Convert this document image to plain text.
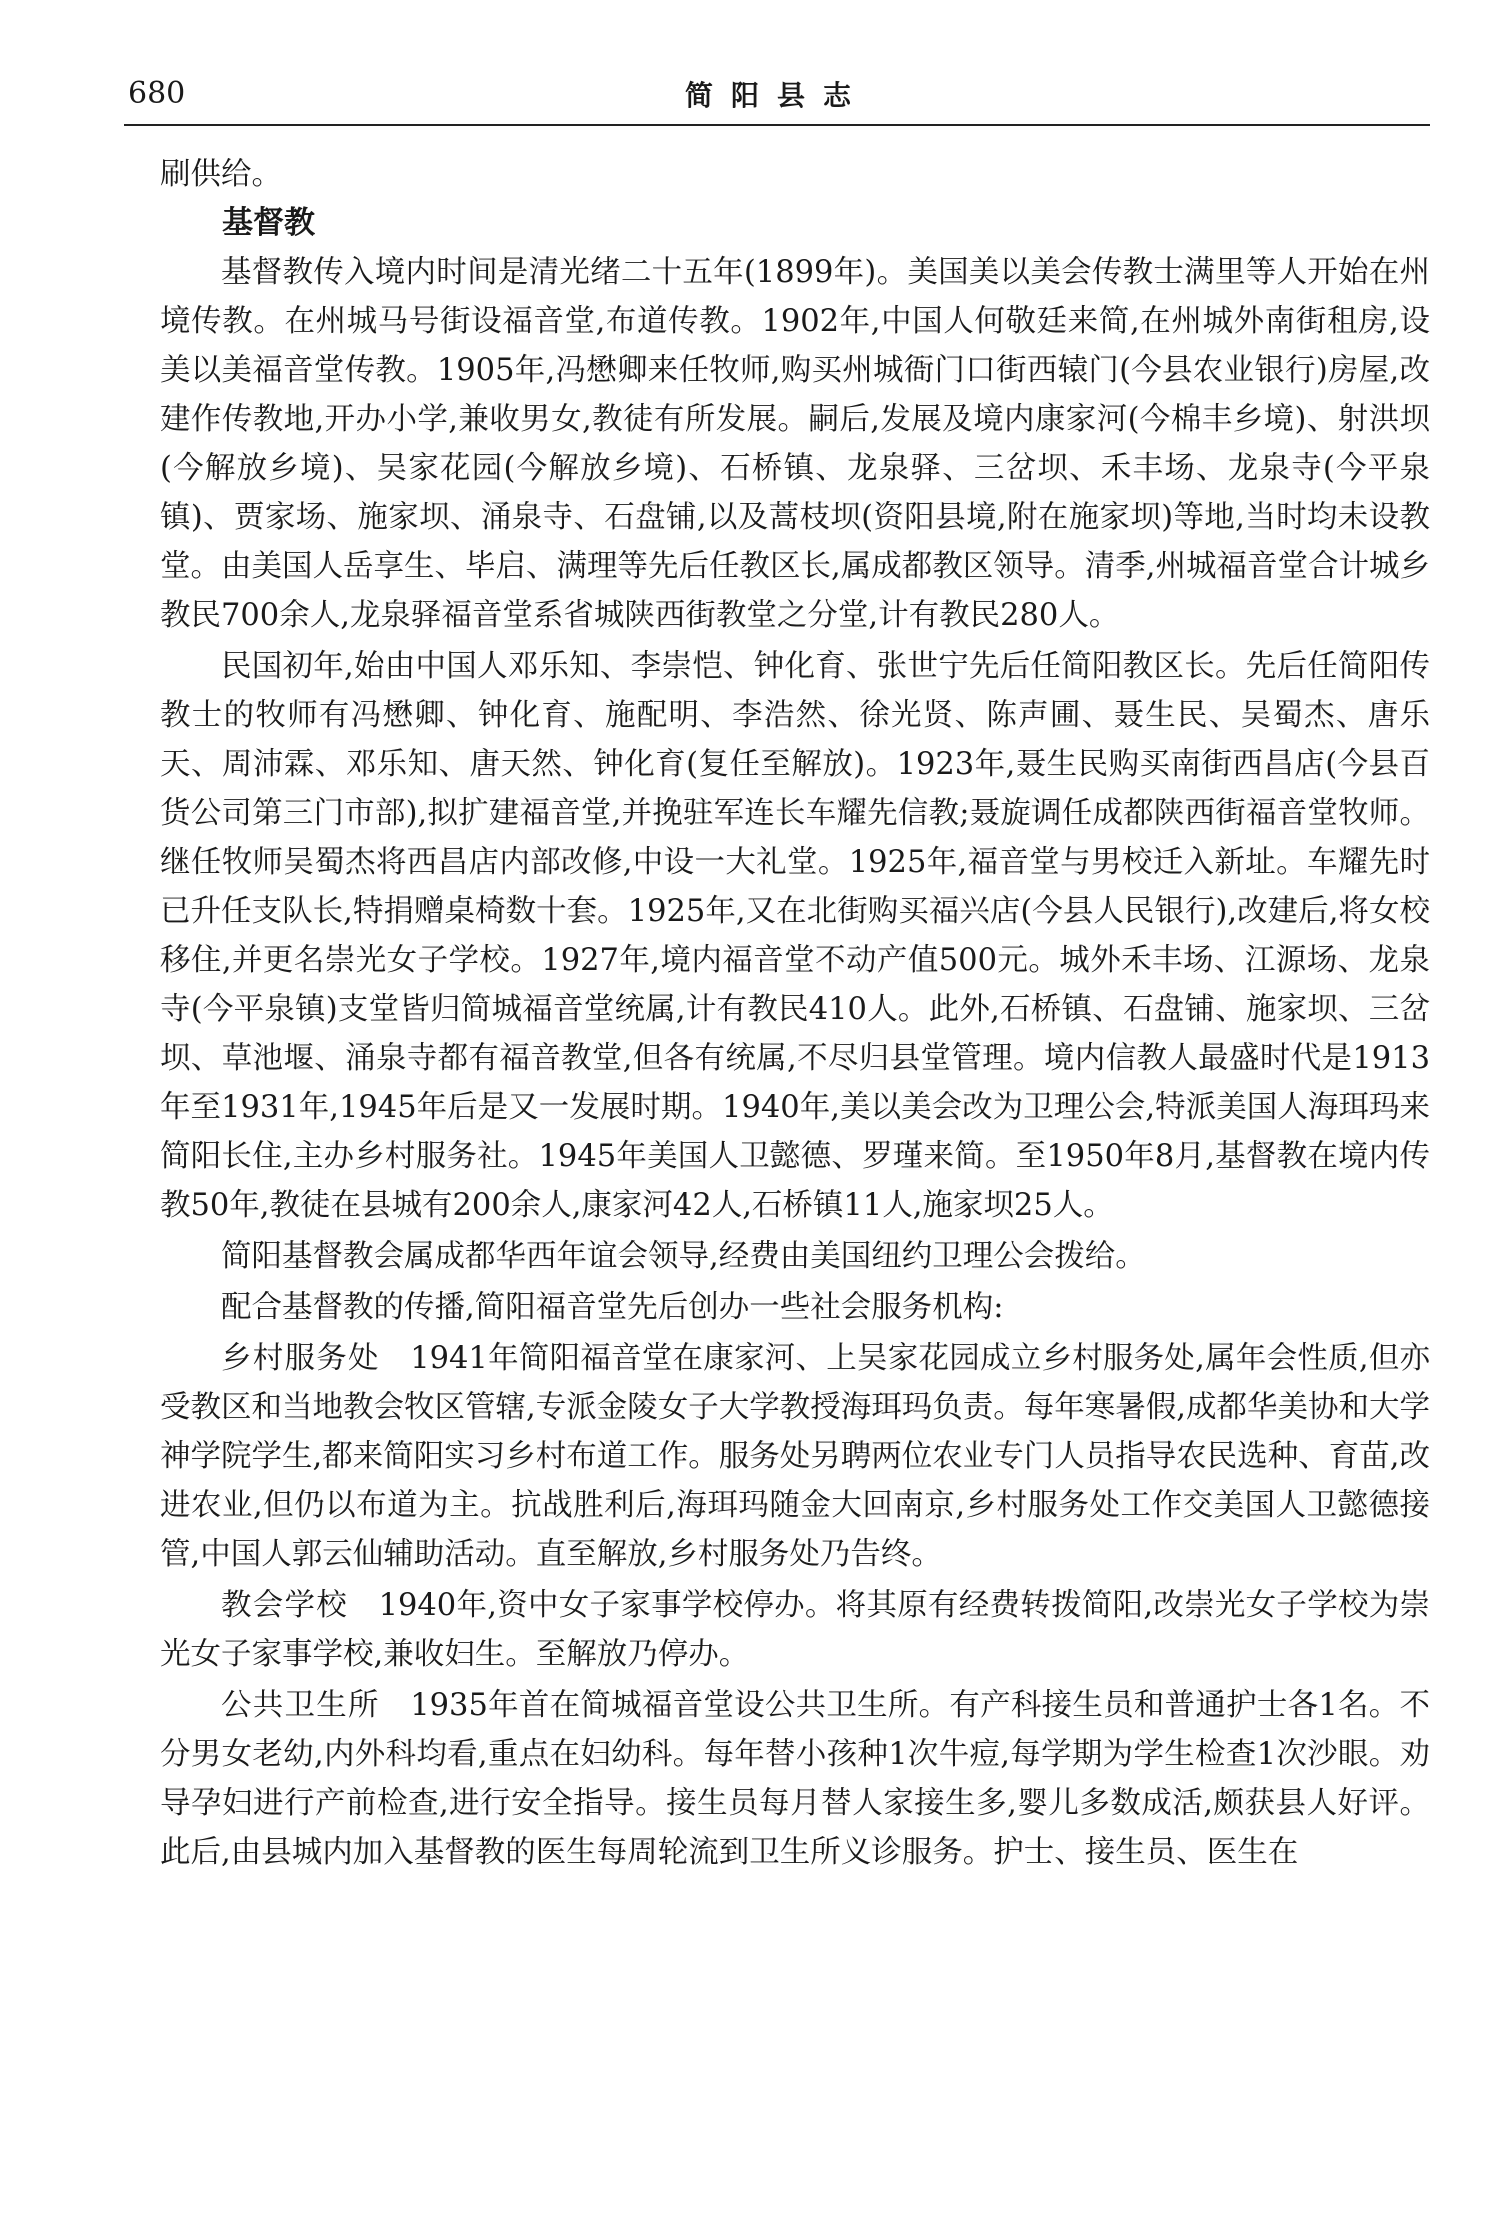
680	简阳县志

刷供给。

基督教

基督教传入境内时间是清光绪二十五年(1899年)。美国美以美会传教士满里等人开始在州境传教。在州城马号街设福音堂,布道传教。1902年,中国人何敬廷来简,在州城外南街租房,设美以美福音堂传教。1905年,冯懋卿来任牧师,购买州城衙门口街西辕门(今县农业银行)房屋,改建作传教地,开办小学,兼收男女,教徒有所发展。嗣后,发展及境内康家河(今棉丰乡境)、射洪坝(今解放乡境)、吴家花园(今解放乡境)、石桥镇、龙泉驿、三岔坝、禾丰场、龙泉寺(今平泉镇)、贾家场、施家坝、涌泉寺、石盘铺,以及蒿枝坝(资阳县境,附在施家坝)等地,当时均未设教堂。由美国人岳享生、毕启、满理等先后任教区长,属成都教区领导。清季,州城福音堂合计城乡教民700余人,龙泉驿福音堂系省城陕西街教堂之分堂,计有教民280人。

民国初年,始由中国人邓乐知、李崇恺、钟化育、张世宁先后任简阳教区长。先后任简阳传教士的牧师有冯懋卿、钟化育、施配明、李浩然、徐光贤、陈声圃、聂生民、吴蜀杰、唐乐天、周沛霖、邓乐知、唐天然、钟化育(复任至解放)。1923年,聂生民购买南街西昌店(今县百货公司第三门市部),拟扩建福音堂,并挽驻军连长车耀先信教;聂旋调任成都陕西街福音堂牧师。继任牧师吴蜀杰将西昌店内部改修,中设一大礼堂。1925年,福音堂与男校迁入新址。车耀先时已升任支队长,特捐赠桌椅数十套。1925年,又在北街购买福兴店(今县人民银行),改建后,将女校移住,并更名崇光女子学校。1927年,境内福音堂不动产值500元。城外禾丰场、江源场、龙泉寺(今平泉镇)支堂皆归简城福音堂统属,计有教民410人。此外,石桥镇、石盘铺、施家坝、三岔坝、草池堰、涌泉寺都有福音教堂,但各有统属,不尽归县堂管理。境内信教人最盛时代是1913年至1931年,1945年后是又一发展时期。1940年,美以美会改为卫理公会,特派美国人海珥玛来简阳长住,主办乡村服务社。1945年美国人卫懿德、罗瑾来简。至1950年8月,基督教在境内传教50年,教徒在县城有200余人,康家河42人,石桥镇11人,施家坝25人。

简阳基督教会属成都华西年谊会领导,经费由美国纽约卫理公会拨给。

配合基督教的传播,简阳福音堂先后创办一些社会服务机构:

乡村服务处 1941年简阳福音堂在康家河、上吴家花园成立乡村服务处,属年会性质,但亦受教区和当地教会牧区管辖,专派金陵女子大学教授海珥玛负责。每年寒暑假,成都华美协和大学神学院学生,都来简阳实习乡村布道工作。服务处另聘两位农业专门人员指导农民选种、育苗,改进农业,但仍以布道为主。抗战胜利后,海珥玛随金大回南京,乡村服务处工作交美国人卫懿德接管,中国人郭云仙辅助活动。直至解放,乡村服务处乃告终。

教会学校 1940年,资中女子家事学校停办。将其原有经费转拨简阳,改崇光女子学校为崇光女子家事学校,兼收妇生。至解放乃停办。

公共卫生所 1935年首在简城福音堂设公共卫生所。有产科接生员和普通护士各1名。不分男女老幼,内外科均看,重点在妇幼科。每年替小孩种1次牛痘,每学期为学生检查1次沙眼。劝导孕妇进行产前检查,进行安全指导。接生员每月替人家接生多,婴儿多数成活,颇获县人好评。此后,由县城内加入基督教的医生每周轮流到卫生所义诊服务。护士、接生员、医生在
